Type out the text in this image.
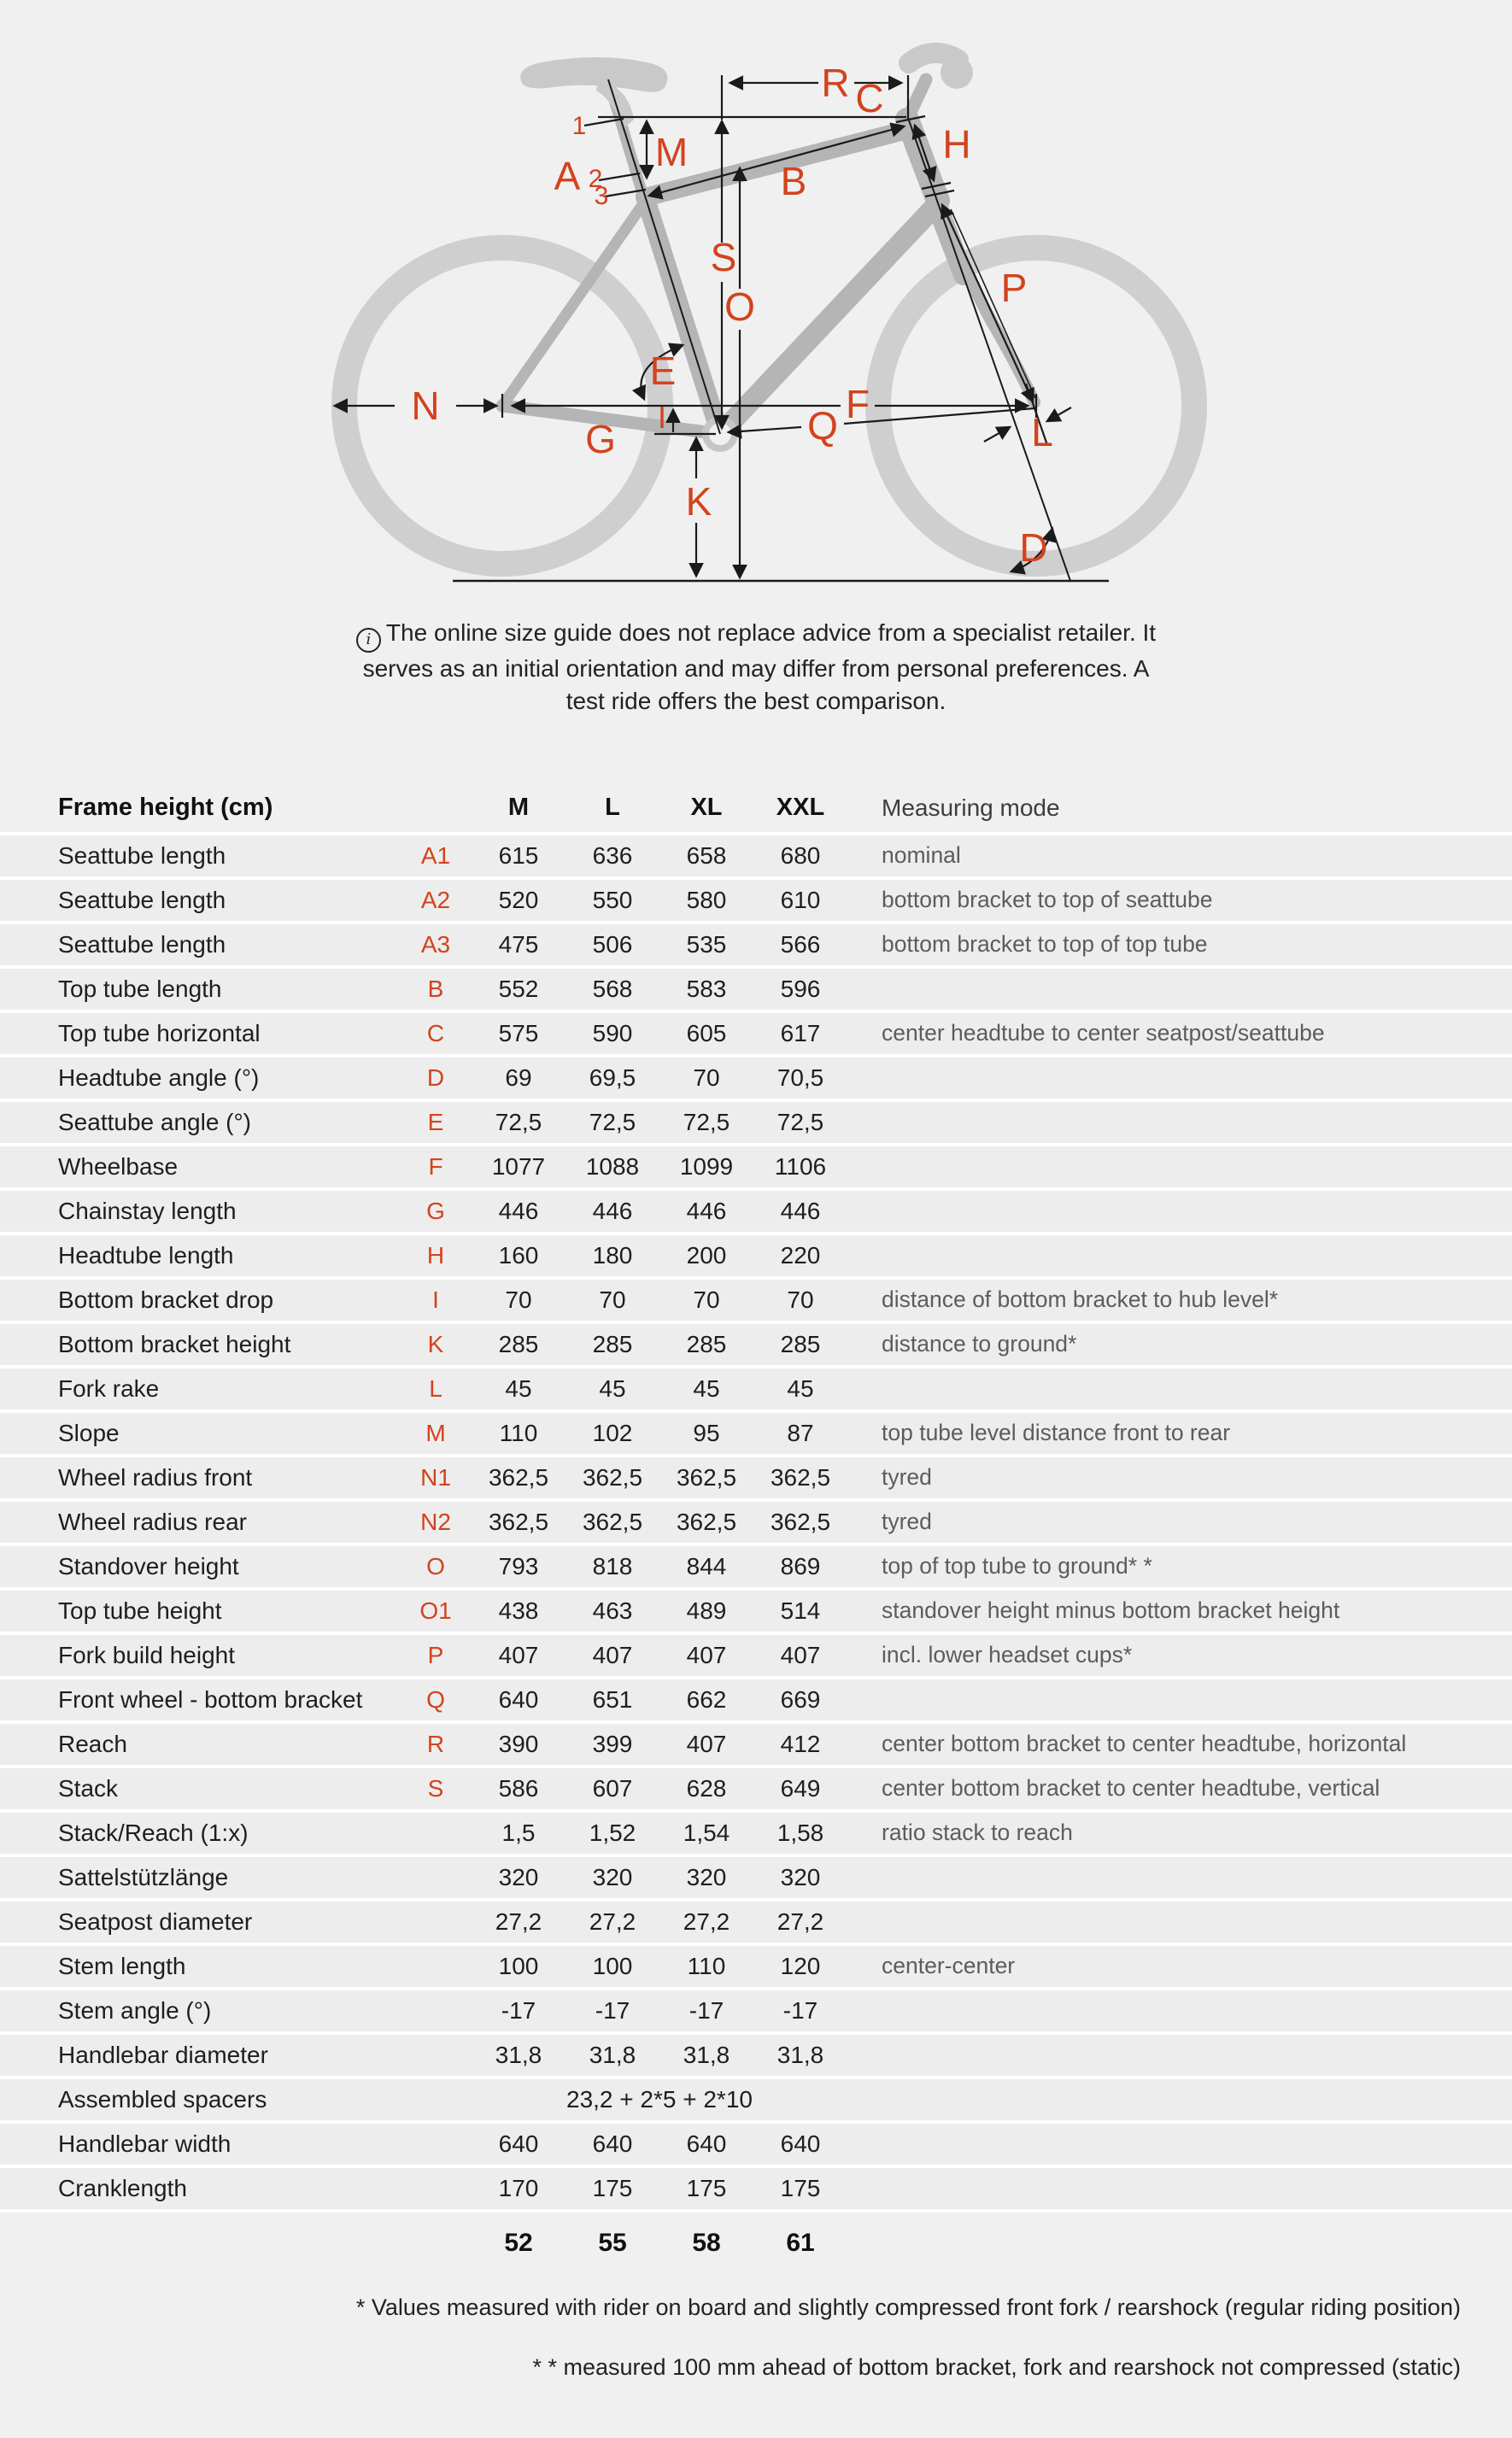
R C
M
A
1
2
3	B
H
S
O
E
P
N
G I	Q F
K
L
D
i The online size guide does not replace advice from a specialist retailer. It
serves as an initial orientation and may differ from personal preferences. A
test ride offers the best comparison.
Frame height (cm)	M	L	XL	XXL	Measuring mode
Seattube length	A1	615	636	658	680	nominal
Seattube length	A2	520	550	580	610	bottom bracket to top of seattube
Seattube length	A3	475	506	535	566	bottom bracket to top of top tube
Top tube length	B	552	568	583	596
Top tube horizontal	C	575	590	605	617	center headtube to center seatpost/seattube
Headtube angle (°)	D	69	69,5	70	70,5
Seattube angle (°)	E	72,5	72,5	72,5	72,5
Wheelbase	F	1077	1088	1099	1106
Chainstay length	G	446	446	446	446
Headtube length	H	160	180	200	220
Bottom bracket drop	I	70	70	70	70	distance of bottom bracket to hub level*
Bottom bracket height	K	285	285	285	285	distance to ground*
Fork rake	L	45	45	45	45
Slope	M	110	102	95	87	top tube level distance front to rear
Wheel radius front	N1	362,5	362,5	362,5	362,5	tyred
Wheel radius rear	N2	362,5	362,5	362,5	362,5	tyred
Standover height	O	793	818	844	869	top of top tube to ground* *
Top tube height	O1	438	463	489	514	standover height minus bottom bracket height
Fork build height	P	407	407	407	407	incl. lower headset cups*
Front wheel - bottom bracket	Q	640	651	662	669
Reach	R	390	399	407	412	center bottom bracket to center headtube, horizontal
Stack	S	586	607	628	649	center bottom bracket to center headtube, vertical
Stack/Reach (1:x)	1,5	1,52	1,54	1,58	ratio stack to reach
Sattelstützlänge	320	320	320	320
Seatpost diameter	27,2	27,2	27,2	27,2
Stem length	100	100	110	120	center-center
Stem angle (°)	-17	-17	-17	-17
Handlebar diameter	31,8	31,8	31,8	31,8
Assembled spacers	23,2 + 2*5 + 2*10
Handlebar width	640	640	640	640
Cranklength	170	175	175	175
52	55	58	61
* Values measured with rider on board and slightly compressed front fork / rearshock (regular riding position)
* * measured 100 mm ahead of bottom bracket, fork and rearshock not compressed (static)
